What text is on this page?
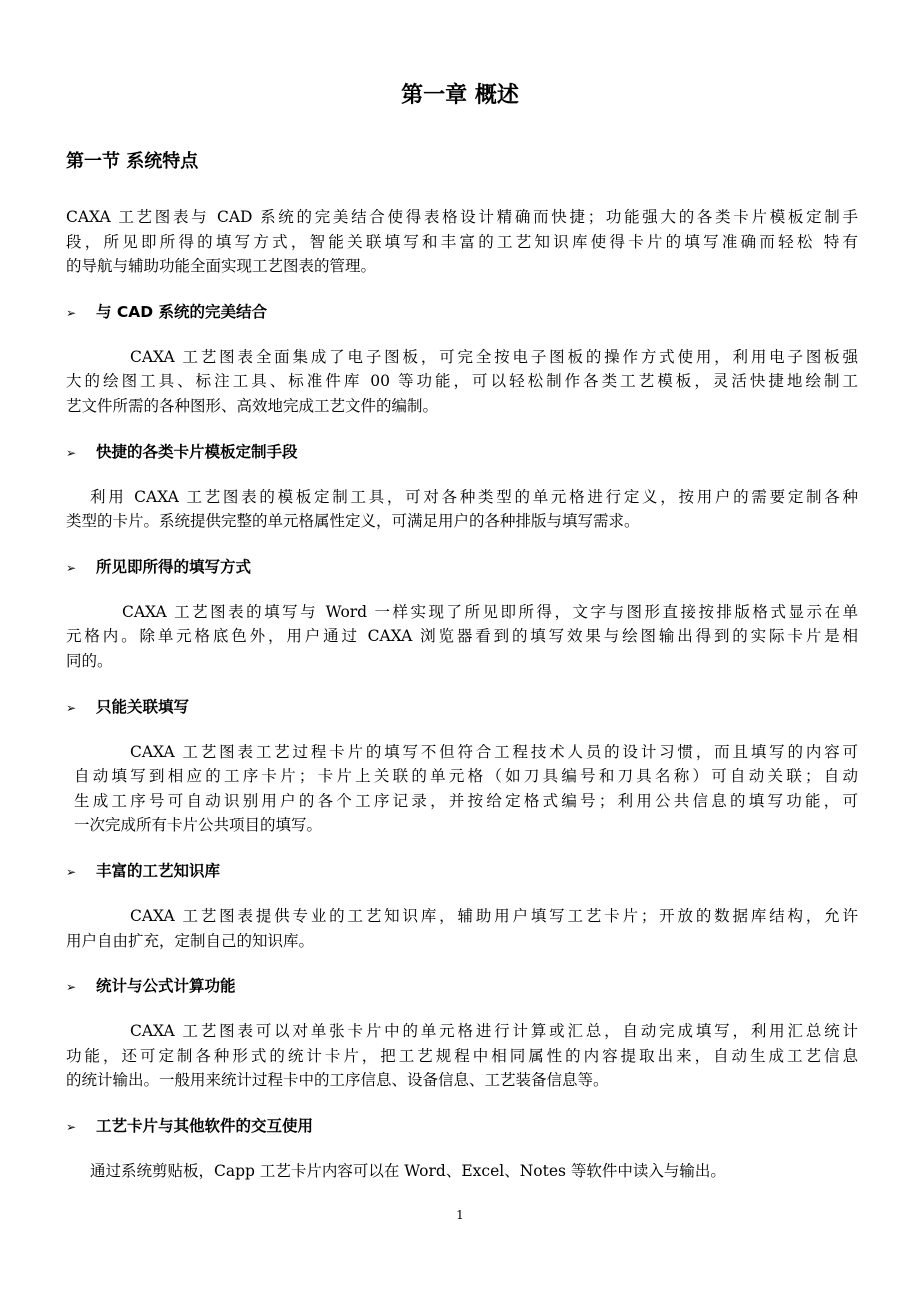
第一章 概述
第一节 系统特点
CAXA 工艺图表与 CAD 系统的完美结合使得表格设计精确而快捷；功能强大的各类卡片模板定制手
段，所见即所得的填写方式，智能关联填写和丰富的工艺知识库使得卡片的填写准确而轻松 特有
的导航与辅助功能全面实现工艺图表的管理。
➢ 与 CAD 系统的完美结合
CAXA 工艺图表全面集成了电子图板，可完全按电子图板的操作方式使用，利用电子图板强
大的绘图工具、标注工具、标准件库 00 等功能，可以轻松制作各类工艺模板，灵活快捷地绘制工
艺文件所需的各种图形、高效地完成工艺文件的编制。
➢ 快捷的各类卡片模板定制手段
利用 CAXA 工艺图表的模板定制工具，可对各种类型的单元格进行定义，按用户的需要定制各种
类型的卡片。系统提供完整的单元格属性定义，可满足用户的各种排版与填写需求。
➢ 所见即所得的填写方式
CAXA 工艺图表的填写与 Word 一样实现了所见即所得，文字与图形直接按排版格式显示在单
元格内。除单元格底色外，用户通过 CAXA 浏览器看到的填写效果与绘图输出得到的实际卡片是相
同的。
➢ 只能关联填写
CAXA 工艺图表工艺过程卡片的填写不但符合工程技术人员的设计习惯，而且填写的内容可
自动填写到相应的工序卡片；卡片上关联的单元格（如刀具编号和刀具名称）可自动关联；自动
生成工序号可自动识别用户的各个工序记录，并按给定格式编号；利用公共信息的填写功能，可
一次完成所有卡片公共项目的填写。
➢ 丰富的工艺知识库
CAXA 工艺图表提供专业的工艺知识库，辅助用户填写工艺卡片；开放的数据库结构，允许
用户自由扩充，定制自己的知识库。
➢ 统计与公式计算功能
CAXA 工艺图表可以对单张卡片中的单元格进行计算或汇总，自动完成填写，利用汇总统计
功能，还可定制各种形式的统计卡片，把工艺规程中相同属性的内容提取出来，自动生成工艺信息
的统计输出。一般用来统计过程卡中的工序信息、设备信息、工艺装备信息等。
➢ 工艺卡片与其他软件的交互使用
通过系统剪贴板，Capp 工艺卡片内容可以在 Word、Excel、Notes 等软件中读入与输出。
1
